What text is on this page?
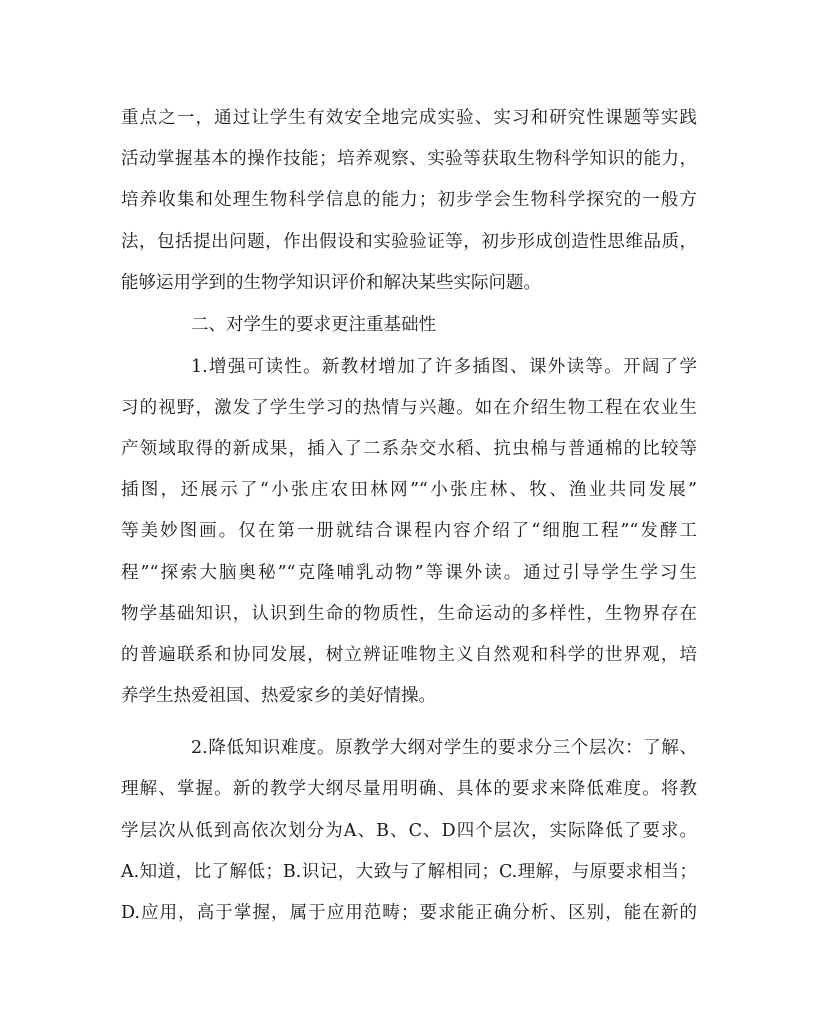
重点之一，通过让学生有效安全地完成实验、实习和研究性课题等实践
活动掌握基本的操作技能；培养观察、实验等获取生物科学知识的能力，
培养收集和处理生物科学信息的能力；初步学会生物科学探究的一般方
法，包括提出问题，作出假设和实验验证等，初步形成创造性思维品质，
能够运用学到的生物学知识评价和解决某些实际问题。
二、对学生的要求更注重基础性
1.增强可读性。新教材增加了许多插图、课外读等。开阔了学
习的视野，激发了学生学习的热情与兴趣。如在介绍生物工程在农业生
产领域取得的新成果，插入了二系杂交水稻、抗虫棉与普通棉的比较等
插图，还展示了“小张庄农田林网”“小张庄林、牧、渔业共同发展”
等美妙图画。仅在第一册就结合课程内容介绍了“细胞工程”“发酵工
程”“探索大脑奥秘”“克隆哺乳动物”等课外读。通过引导学生学习生
物学基础知识，认识到生命的物质性，生命运动的多样性，生物界存在
的普遍联系和协同发展，树立辨证唯物主义自然观和科学的世界观，培
养学生热爱祖国、热爱家乡的美好情操。
2.降低知识难度。原教学大纲对学生的要求分三个层次：了解、
理解、掌握。新的教学大纲尽量用明确、具体的要求来降低难度。将教
学层次从低到高依次划分为A、B、C、D四个层次，实际降低了要求。
A.知道，比了解低；B.识记，大致与了解相同；C.理解，与原要求相当；
D.应用，高于掌握，属于应用范畴；要求能正确分析、区别，能在新的
